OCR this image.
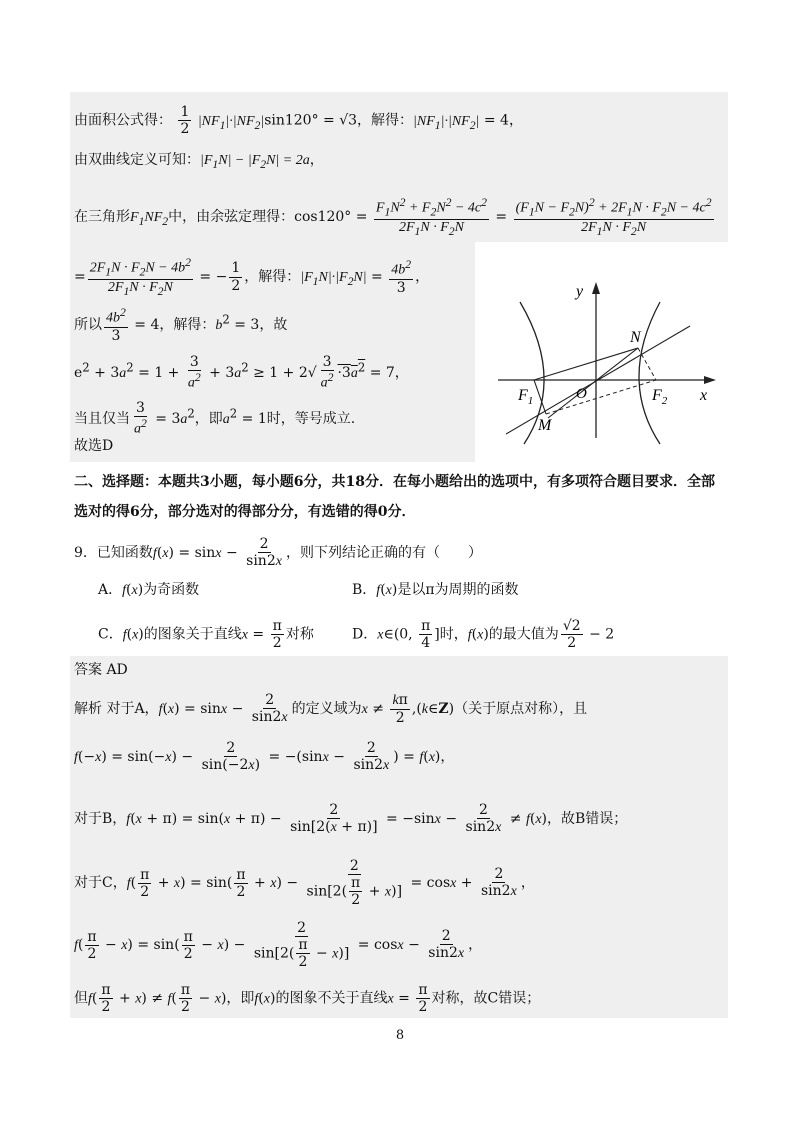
由面积公式得： $\frac{1}{2} |NF_1|\cdot|NF_2|\sin 120^\circ = √3$，解得：$|NF_1|\cdot|NF_2| = 4$，
由双曲线定义可知：$|F_1N| - |F_2N| = 2a$，
在三角形$F_1NF_2$中，由余弦定理得：$\cos 120^\circ = \frac{F_1N^2 + F_2N^2 - 4c^2}{2F_1N \cdot F_2N} = \frac{(F_1N - F_2N)^2 + 2F_1N \cdot F_2N - 4c^2}{2F_1N \cdot F_2N}$
= $\frac{2F_1N \cdot F_2N - 4b^2}{2F_1N \cdot F_2N}$ = − $\frac{1}{2}$ ，解得：$|F_1N|\cdot|F_2N| = \frac{4b^2}{3}$ ，
所以 $\frac{4b^2}{3} = 4$，解得：$b^2 = 3$，故
$e^2 + 3a^2 = 1 + \frac{3}{a^2} + 3a^2 \ge 1 + 2√ \frac{3}{a^2} \cdot 3a^2 = 7$，
当且仅当 $\frac{3}{a^2} = 3a^2$，即$a^2 = 1$时，等号成立.
故选D
y
x
O
N
M
$F_1$	$F_2$
二、选择题：本题共3小题，每小题6分，共18分．在每小题给出的选项中，有多项符合题目要求．全部
选对的得6分，部分选对的得部分分，有选错的得0分．
9．已知函数$f(x) = \sin x - \frac{2}{\sin 2x}$ ，则下列结论正确的有（　　）
A．f(x)为奇函数	B．f(x)是以π为周期的函数
C．f(x)的图象关于直线$x = \frac{\pi}{2}$ 对称	D．x∈(0, $\frac{\pi}{4}$ ]时，f(x)的最大值为 $\frac{√2}{2} - 2$
答案 AD
解析 对于A，$f(x) = \sin x - \frac{2}{\sin 2x}$ 的定义域为$x \ne \frac{k\pi}{2}$ ,(k∈Z)（关于原点对称），且
$f(-x) = \sin(-x) - \frac{2}{\sin(-2x)} = -(\sin x - \frac{2}{\sin 2x}$ ) = f(x)，
对于B，$f(x + \pi) = \sin(x + \pi) - \frac{2}{\sin[2(x + \pi)]} = -\sin x - \frac{2}{\sin 2x} \ne f(x)$，故B错误；
对于C，$f( \frac{\pi}{2} + x) = \sin( \frac{\pi}{2} + x) - \frac{2}{\sin[2( \frac{\pi}{2} + x)]} = \cos x + \frac{2}{\sin 2x}$ ，
$f( \frac{\pi}{2} - x) = \sin( \frac{\pi}{2} - x) - \frac{2}{\sin[2( \frac{\pi}{2} - x)]} = \cos x - \frac{2}{\sin 2x}$ ，
但$f( \frac{\pi}{2} + x) \ne f( \frac{\pi}{2} - x)$，即f(x)的图象不关于直线$x = \frac{\pi}{2}$ 对称，故C错误；
8
